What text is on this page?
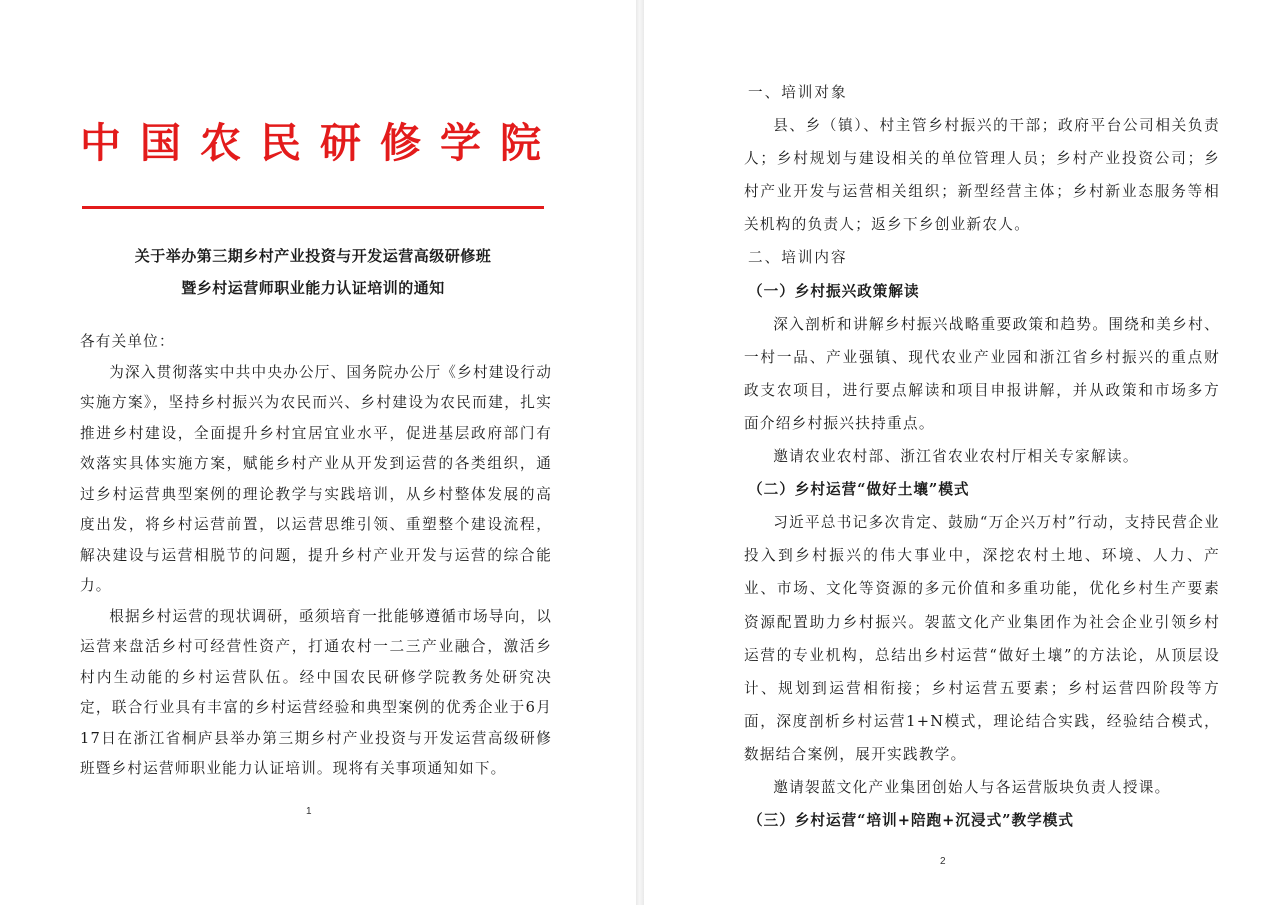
中国农民研修学院
关于举办第三期乡村产业投资与开发运营高级研修班
暨乡村运营师职业能力认证培训的通知

各有关单位：

为深入贯彻落实中共中央办公厅、国务院办公厅《乡村建设行动实施方案》，坚持乡村振兴为农民而兴、乡村建设为农民而建，扎实推进乡村建设，全面提升乡村宜居宜业水平，促进基层政府部门有效落实具体实施方案，赋能乡村产业从开发到运营的各类组织，通过乡村运营典型案例的理论教学与实践培训，从乡村整体发展的高度出发，将乡村运营前置，以运营思维引领、重塑整个建设流程，解决建设与运营相脱节的问题，提升乡村产业开发与运营的综合能力。

根据乡村运营的现状调研，亟须培育一批能够遵循市场导向，以运营来盘活乡村可经营性资产，打通农村一二三产业融合，激活乡村内生动能的乡村运营队伍。经中国农民研修学院教务处研究决定，联合行业具有丰富的乡村运营经验和典型案例的优秀企业于6月17日在浙江省桐庐县举办第三期乡村产业投资与开发运营高级研修班暨乡村运营师职业能力认证培训。现将有关事项通知如下。

1

一、培训对象

县、乡（镇）、村主管乡村振兴的干部；政府平台公司相关负责人；乡村规划与建设相关的单位管理人员；乡村产业投资公司；乡村产业开发与运营相关组织；新型经营主体；乡村新业态服务等相关机构的负责人；返乡下乡创业新农人。

二、培训内容

（一）乡村振兴政策解读

深入剖析和讲解乡村振兴战略重要政策和趋势。围绕和美乡村、一村一品、产业强镇、现代农业产业园和浙江省乡村振兴的重点财政支农项目，进行要点解读和项目申报讲解，并从政策和市场多方面介绍乡村振兴扶持重点。

邀请农业农村部、浙江省农业农村厅相关专家解读。

（二）乡村运营“做好土壤”模式

习近平总书记多次肯定、鼓励“万企兴万村”行动，支持民营企业投入到乡村振兴的伟大事业中，深挖农村土地、环境、人力、产业、市场、文化等资源的多元价值和多重功能，优化乡村生产要素资源配置助力乡村振兴。袈蓝文化产业集团作为社会企业引领乡村运营的专业机构，总结出乡村运营“做好土壤”的方法论，从顶层设计、规划到运营相衔接；乡村运营五要素；乡村运营四阶段等方面，深度剖析乡村运营1+N模式，理论结合实践，经验结合模式，数据结合案例，展开实践教学。

邀请袈蓝文化产业集团创始人与各运营版块负责人授课。

（三）乡村运营“培训+陪跑+沉浸式”教学模式

2
